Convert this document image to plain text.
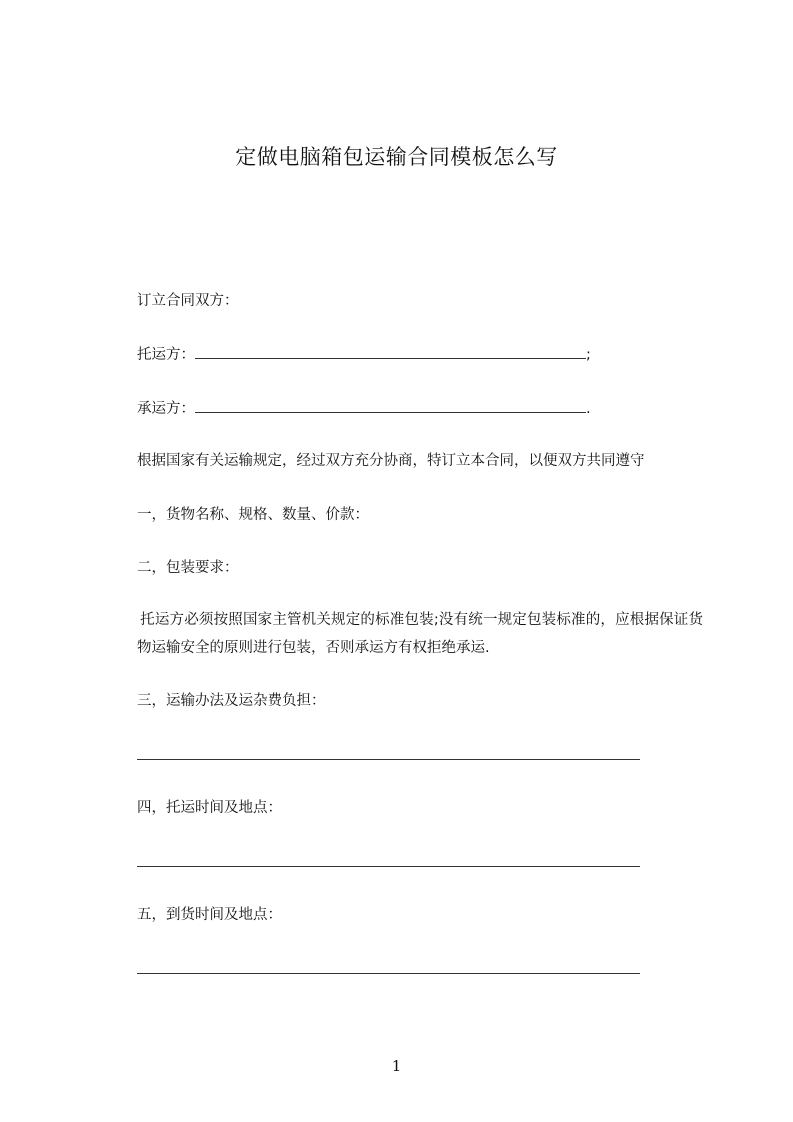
定做电脑箱包运输合同模板怎么写
订立合同双方：
托运方：	;
承运方：	.
根据国家有关运输规定，经过双方充分协商，特订立本合同，以便双方共同遵守
一，货物名称、规格、数量、价款：
二，包装要求：
托运方必须按照国家主管机关规定的标准包装;没有统一规定包装标准的，应根据保证货物运输安全的原则进行包装，否则承运方有权拒绝承运.
三，运输办法及运杂费负担：
四，托运时间及地点：
五，到货时间及地点：
1
